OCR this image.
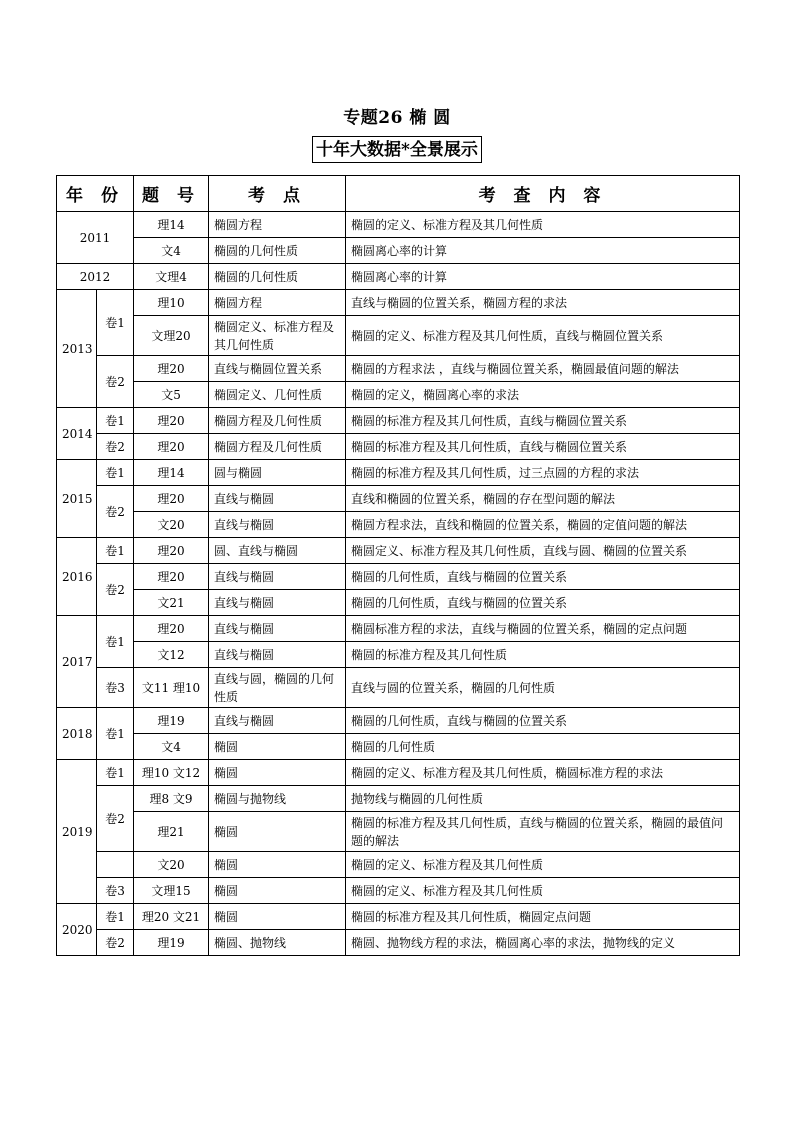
专题26 椭 圆
十年大数据*全景展示
年 份		题 号	考 点	考 查 内 容
2011		理14	椭圆方程	椭圆的定义、标准方程及其几何性质
		文4	椭圆的几何性质	椭圆离心率的计算
2012		文理4	椭圆的几何性质	椭圆离心率的计算
2013	卷1	理10	椭圆方程	直线与椭圆的位置关系，椭圆方程的求法
		文理20	椭圆定义、标准方程及其几何性质	椭圆的定义、标准方程及其几何性质，直线与椭圆位置关系
	卷2	理20	直线与椭圆位置关系	椭圆的方程求法 ，直线与椭圆位置关系，椭圆最值问题的解法
		文5	椭圆定义、几何性质	椭圆的定义，椭圆离心率的求法
2014	卷1	理20	椭圆方程及几何性质	椭圆的标准方程及其几何性质，直线与椭圆位置关系
	卷2	理20	椭圆方程及几何性质	椭圆的标准方程及其几何性质，直线与椭圆位置关系
2015	卷1	理14	圆与椭圆	椭圆的标准方程及其几何性质，过三点圆的方程的求法
	卷2	理20	直线与椭圆	直线和椭圆的位置关系，椭圆的存在型问题的解法
		文20	直线与椭圆	椭圆方程求法，直线和椭圆的位置关系，椭圆的定值问题的解法
2016	卷1	理20	圆、直线与椭圆	椭圆定义、标准方程及其几何性质，直线与圆、椭圆的位置关系
	卷2	理20	直线与椭圆	椭圆的几何性质，直线与椭圆的位置关系
		文21	直线与椭圆	椭圆的几何性质，直线与椭圆的位置关系
2017	卷1	理20	直线与椭圆	椭圆标准方程的求法，直线与椭圆的位置关系，椭圆的定点问题
		文12	直线与椭圆	椭圆的标准方程及其几何性质
	卷3	文11 理10	直线与圆，椭圆的几何性质	直线与圆的位置关系，椭圆的几何性质
2018	卷1	理19	直线与椭圆	椭圆的几何性质，直线与椭圆的位置关系
		文4	椭圆	椭圆的几何性质
2019	卷1	理10 文12	椭圆	椭圆的定义、标准方程及其几何性质，椭圆标准方程的求法
	卷2	理8 文9	椭圆与抛物线	抛物线与椭圆的几何性质
		理21	椭圆	椭圆的标准方程及其几何性质，直线与椭圆的位置关系，椭圆的最值问题的解法
		文20	椭圆	椭圆的定义、标准方程及其几何性质
	卷3	文理15	椭圆	椭圆的定义、标准方程及其几何性质
2020	卷1	理20 文21	椭圆	椭圆的标准方程及其几何性质，椭圆定点问题
	卷2	理19	椭圆、抛物线	椭圆、抛物线方程的求法，椭圆离心率的求法，抛物线的定义
